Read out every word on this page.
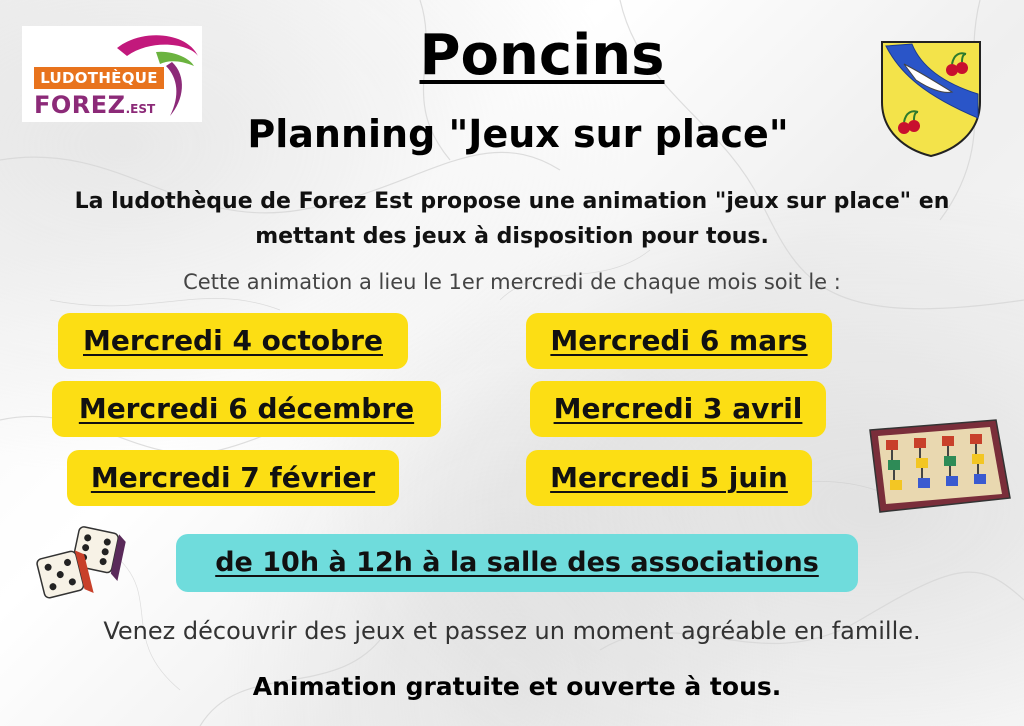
LUDOTHÈQUE
FOREZ.EST
Poncins
Planning "Jeux sur place"
La ludothèque de Forez Est propose une animation "jeux sur place" en
mettant des jeux à disposition pour tous.
Cette animation a lieu le 1er mercredi de chaque mois soit le :
Mercredi 4 octobre
Mercredi 6 décembre
Mercredi 7 février
Mercredi 6 mars
Mercredi 3 avril
Mercredi 5 juin
de 10h à 12h à la salle des associations
Venez découvrir des jeux et passez un moment agréable en famille.
Animation gratuite et ouverte à tous.
